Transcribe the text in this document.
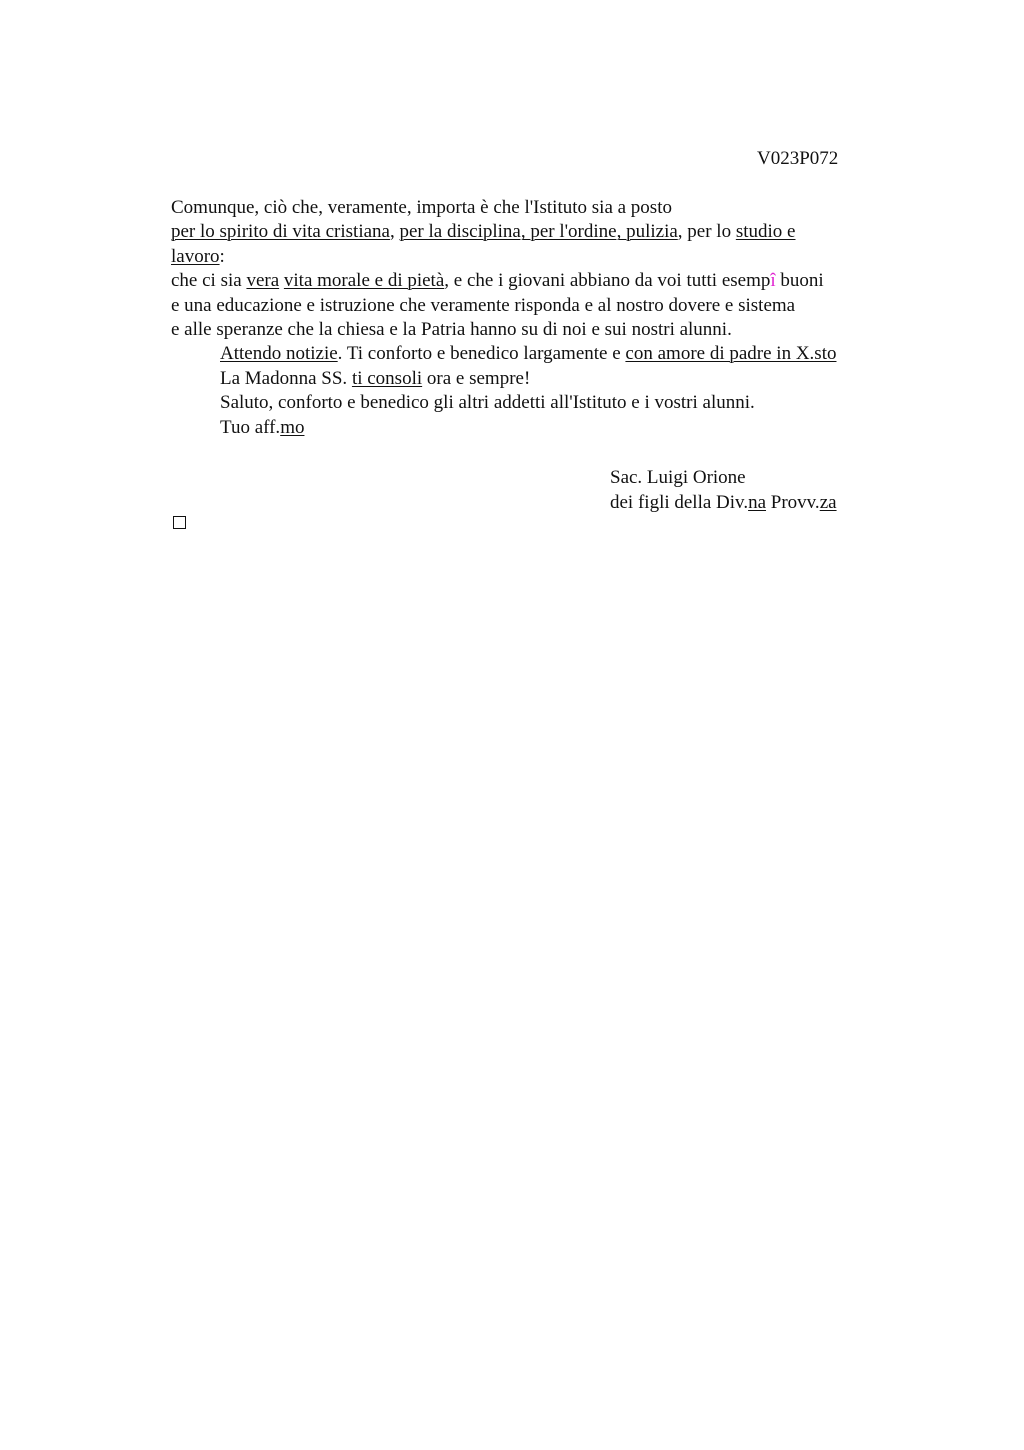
V023P072
Comunque, ciò che, veramente, importa è che l'Istituto sia a posto
per lo spirito di vita cristiana, per la disciplina, per l'ordine, pulizia, per lo studio e
lavoro:
che ci sia vera vita morale e di pietà, e che i giovani abbiano da voi tutti esempî buoni
e una educazione e istruzione che veramente risponda e al nostro dovere e sistema
e alle speranze che la chiesa e la Patria hanno su di noi e sui nostri alunni.
Attendo notizie. Ti conforto e benedico largamente e con amore di padre in X.sto
La Madonna SS. ti consoli ora e sempre!
Saluto, conforto e benedico gli altri addetti all'Istituto e i vostri alunni.
Tuo aff.mo
Sac. Luigi Orione
dei figli della Div.na Provv.za
